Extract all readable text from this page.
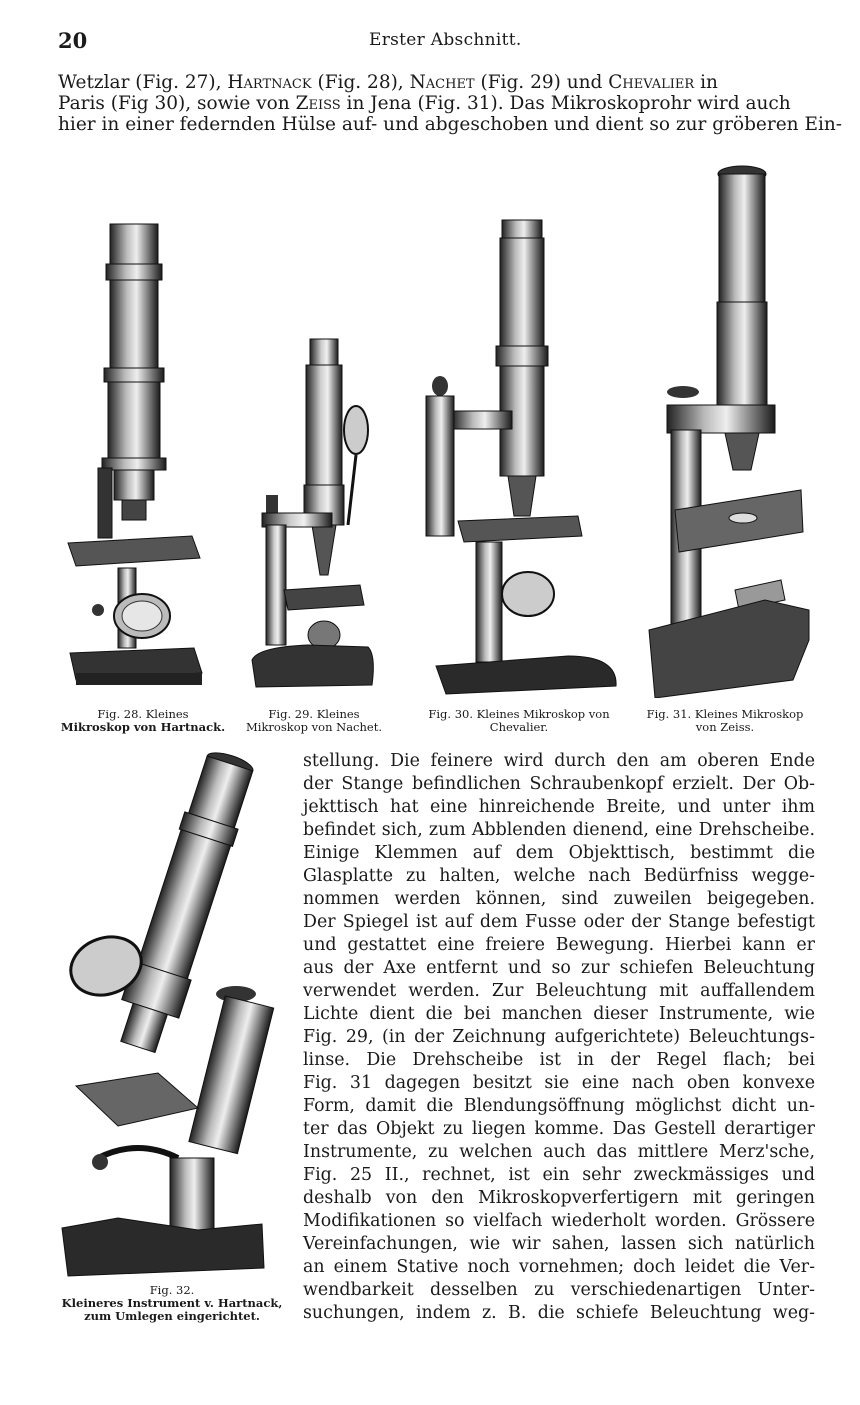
20	Erster Abschnitt.
Wetzlar (Fig. 27), Hartnack (Fig. 28), Nachet (Fig. 29) und Chevalier in
Paris (Fig 30), sowie von Zeiss in Jena (Fig. 31). Das Mikroskoprohr wird auch
hier in einer federnden Hülse auf- und abgeschoben und dient so zur gröberen Ein-
Fig. 28. Kleines
Mikroskop von Hartnack.
Fig. 29. Kleines
Mikroskop von Nachet.
Fig. 30. Kleines Mikroskop von
Chevalier.
Fig. 31. Kleines Mikroskop
von Zeiss.
Fig. 32.
Kleineres Instrument v. Hartnack,
zum Umlegen eingerichtet.
stellung. Die feinere wird durch den am oberen Ende
der Stange befindlichen Schraubenkopf erzielt. Der Ob-
jekttisch hat eine hinreichende Breite, und unter ihm
befindet sich, zum Abblenden dienend, eine Drehscheibe.
Einige Klemmen auf dem Objekttisch, bestimmt die
Glasplatte zu halten, welche nach Bedürfniss wegge-
nommen werden können, sind zuweilen beigegeben.
Der Spiegel ist auf dem Fusse oder der Stange befestigt
und gestattet eine freiere Bewegung. Hierbei kann er
aus der Axe entfernt und so zur schiefen Beleuchtung
verwendet werden. Zur Beleuchtung mit auffallendem
Lichte dient die bei manchen dieser Instrumente, wie
Fig. 29, (in der Zeichnung aufgerichtete) Beleuchtungs-
linse. Die Drehscheibe ist in der Regel flach; bei
Fig. 31 dagegen besitzt sie eine nach oben konvexe
Form, damit die Blendungsöffnung möglichst dicht un-
ter das Objekt zu liegen komme. Das Gestell derartiger
Instrumente, zu welchen auch das mittlere Merz'sche,
Fig. 25 II., rechnet, ist ein sehr zweckmässiges und
deshalb von den Mikroskopverfertigern mit geringen
Modifikationen so vielfach wiederholt worden. Grössere
Vereinfachungen, wie wir sahen, lassen sich natürlich
an einem Stative noch vornehmen; doch leidet die Ver-
wendbarkeit desselben zu verschiedenartigen Unter-
suchungen, indem z. B. die schiefe Beleuchtung weg-
